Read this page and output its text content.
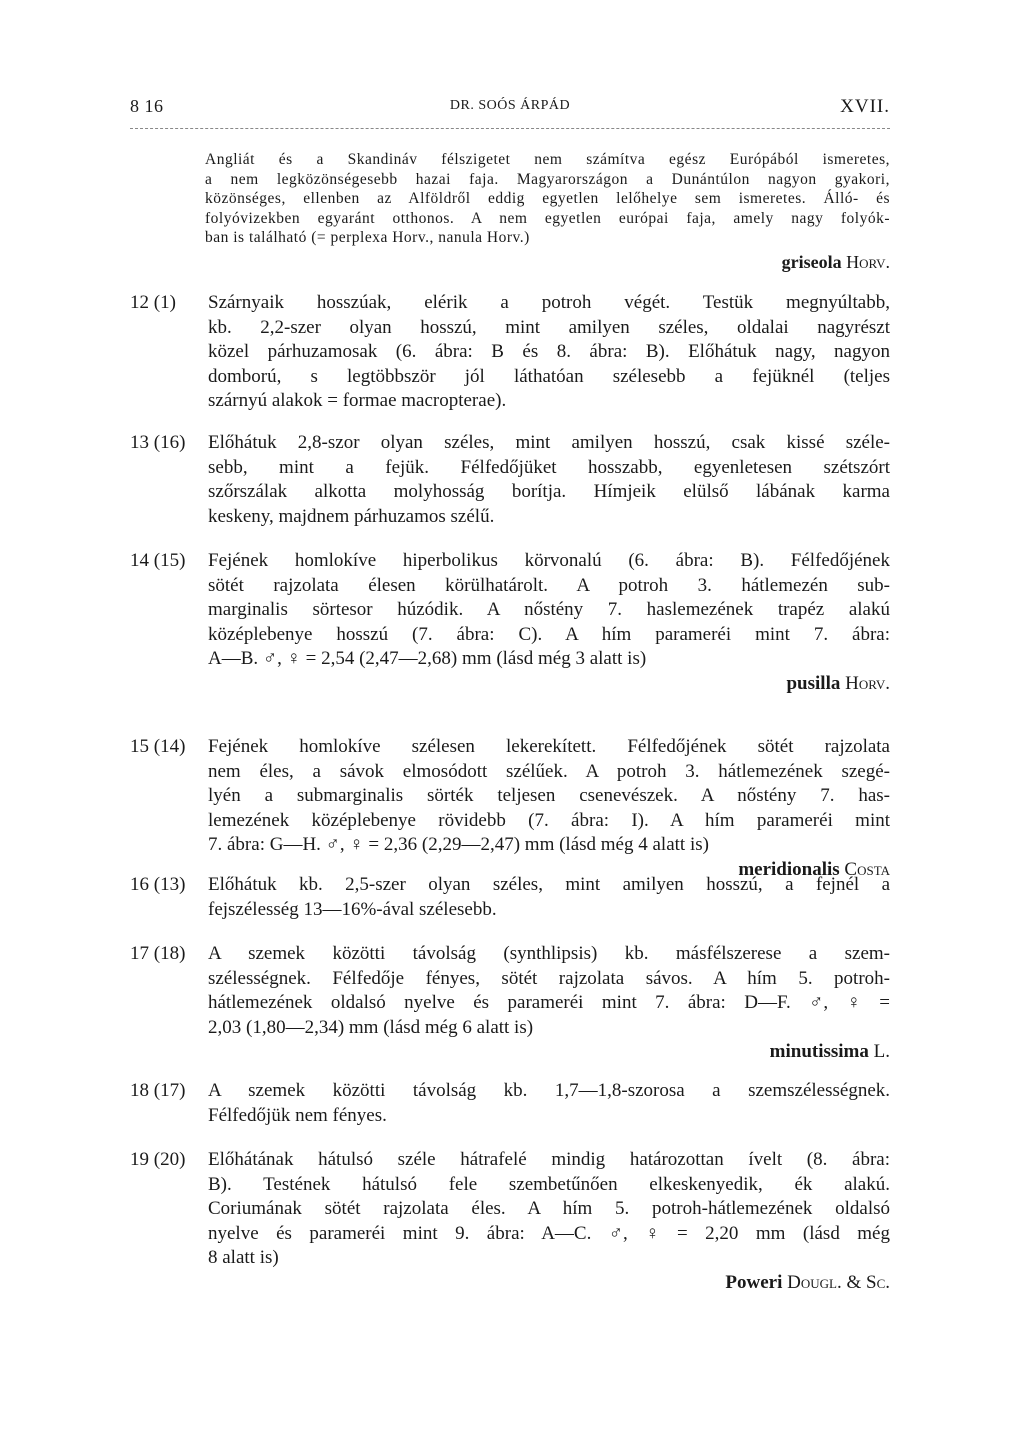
8 16	DR. SOÓS ÁRPÁD	XVII.
Angliát és a Skandináv félszigetet nem számítva egész Európából ismeretes,
a nem legközönségesebb hazai faja. Magyarországon a Dunántúlon nagyon gyakori,
közönséges, ellenben az Alföldről eddig egyetlen lelőhelye sem ismeretes. Álló- és
folyóvizekben egyaránt otthonos. A nem egyetlen európai faja, amely nagy folyók-
ban is található (= perplexa Horv., nanula Horv.)
griseola Horv.
12 (1) Szárnyaik hosszúak, elérik a potroh végét. Testük megnyúltabb,
kb. 2,2-szer olyan hosszú, mint amilyen széles, oldalai nagyrészt
közel párhuzamosak (6. ábra: B és 8. ábra: B). Előhátuk nagy, nagyon
domború, s legtöbbször jól láthatóan szélesebb a fejüknél (teljes
szárnyú alakok = formae macropterae).
13 (16) Előhátuk 2,8-szor olyan széles, mint amilyen hosszú, csak kissé széle-
sebb, mint a fejük. Félfedőjüket hosszabb, egyenletesen szétszórt
szőrszálak alkotta molyhosság borítja. Hímjeik elülső lábának karma
keskeny, majdnem párhuzamos szélű.
14 (15) Fejének homlokíve hiperbolikus körvonalú (6. ábra: B). Félfedőjének
sötét rajzolata élesen körülhatárolt. A potroh 3. hátlemezén sub-
marginalis sörtesor húzódik. A nőstény 7. haslemezének trapéz alakú
középlebenye hosszú (7. ábra: C). A hím parameréi mint 7. ábra:
A—B. ♂, ♀ = 2,54 (2,47—2,68) mm (lásd még 3 alatt is)
pusilla Horv.
15 (14) Fejének homlokíve szélesen lekerekített. Félfedőjének sötét rajzolata
nem éles, a sávok elmosódott szélűek. A potroh 3. hátlemezének szegé-
lyén a submarginalis sörték teljesen csenevészek. A nőstény 7. has-
lemezének középlebenye rövidebb (7. ábra: I). A hím parameréi mint
7. ábra: G—H. ♂, ♀ = 2,36 (2,29—2,47) mm (lásd még 4 alatt is)
meridionalis Costa
16 (13) Előhátuk kb. 2,5-szer olyan széles, mint amilyen hosszú, a fejnél a
fejszélesség 13—16%-ával szélesebb.
17 (18) A szemek közötti távolság (synthlipsis) kb. másfélszerese a szem-
szélességnek. Félfedője fényes, sötét rajzolata sávos. A hím 5. potroh-
hátlemezének oldalsó nyelve és parameréi mint 7. ábra: D—F. ♂, ♀ =
2,03 (1,80—2,34) mm (lásd még 6 alatt is)
minutissima L.
18 (17) A szemek közötti távolság kb. 1,7—1,8-szorosa a szemszélességnek.
Félfedőjük nem fényes.
19 (20) Előhátának hátulsó széle hátrafelé mindig határozottan ívelt (8. ábra:
B). Testének hátulsó fele szembetűnően elkeskenyedik, ék alakú.
Coriumának sötét rajzolata éles. A hím 5. potroh-hátlemezének oldalsó
nyelve és parameréi mint 9. ábra: A—C. ♂, ♀ = 2,20 mm (lásd még
8 alatt is)
Poweri Dougl. & Sc.
